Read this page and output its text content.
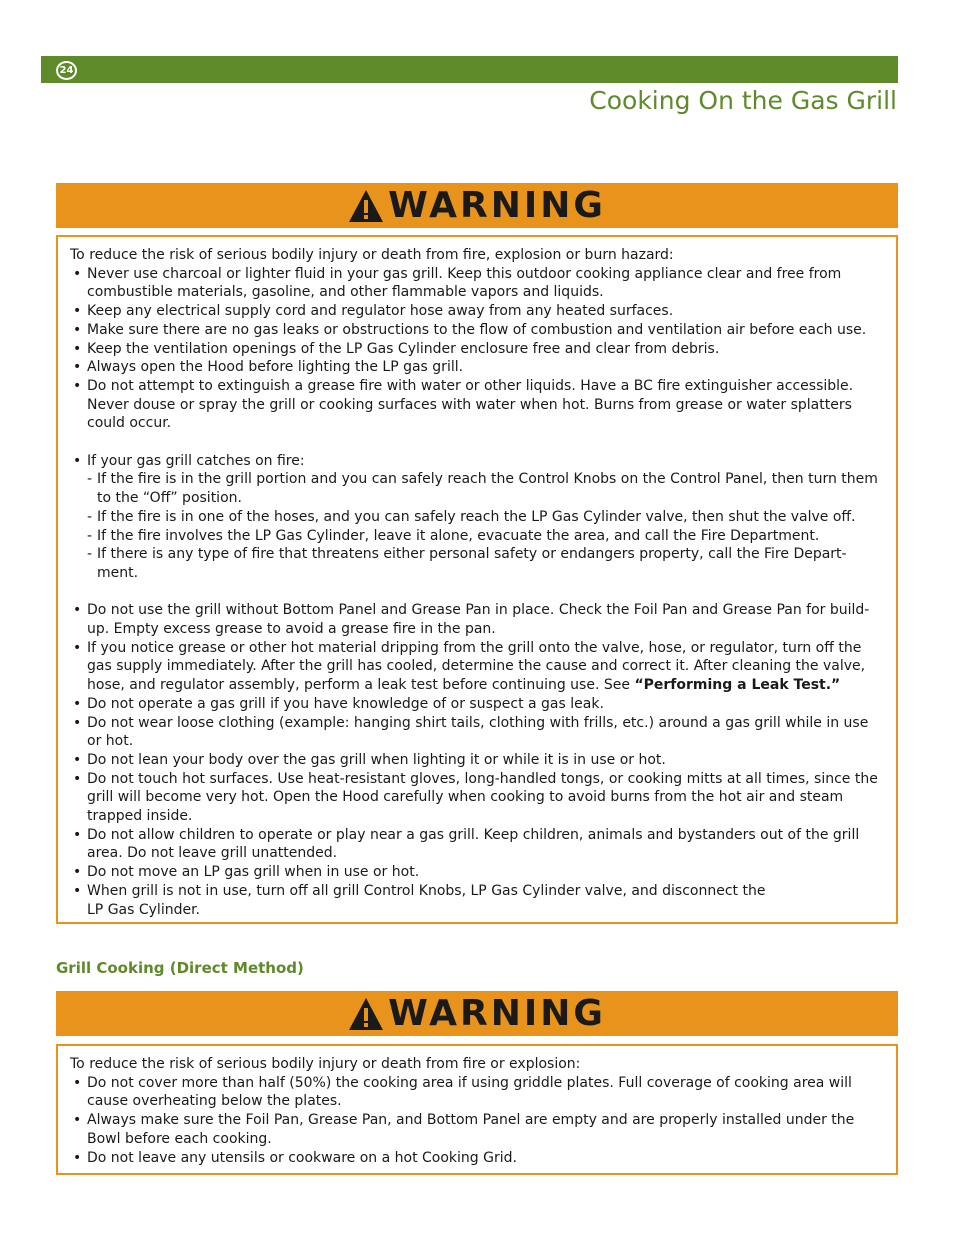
24
Cooking On the Gas Grill
WARNING

To reduce the risk of serious bodily injury or death from fire, explosion or burn hazard:

• Never use charcoal or lighter fluid in your gas grill. Keep this outdoor cooking appliance clear and free from combustible materials, gasoline, and other flammable vapors and liquids.
• Keep any electrical supply cord and regulator hose away from any heated surfaces.
• Make sure there are no gas leaks or obstructions to the flow of combustion and ventilation air before each use.
• Keep the ventilation openings of the LP Gas Cylinder enclosure free and clear from debris.
• Always open the Hood before lighting the LP gas grill.
• Do not attempt to extinguish a grease fire with water or other liquids. Have a BC fire extinguisher accessible. Never douse or spray the grill or cooking surfaces with water when hot. Burns from grease or water splatters could occur.
• If your gas grill catches on fire:
- If the fire is in the grill portion and you can safely reach the Control Knobs on the Control Panel, then turn them to the “Off” position.
- If the fire is in one of the hoses, and you can safely reach the LP Gas Cylinder valve, then shut the valve off.
- If the fire involves the LP Gas Cylinder, leave it alone, evacuate the area, and call the Fire Department.
- If there is any type of fire that threatens either personal safety or endangers property, call the Fire Depart- ment.
• Do not use the grill without Bottom Panel and Grease Pan in place. Check the Foil Pan and Grease Pan for build-up. Empty excess grease to avoid a grease fire in the pan.
• If you notice grease or other hot material dripping from the grill onto the valve, hose, or regulator, turn off the gas supply immediately. After the grill has cooled, determine the cause and correct it. After cleaning the valve, hose, and regulator assembly, perform a leak test before continuing use. See “Performing a Leak Test.”
• Do not operate a gas grill if you have knowledge of or suspect a gas leak.
• Do not wear loose clothing (example: hanging shirt tails, clothing with frills, etc.) around a gas grill while in use or hot.
• Do not lean your body over the gas grill when lighting it or while it is in use or hot.
• Do not touch hot surfaces. Use heat-resistant gloves, long-handled tongs, or cooking mitts at all times, since the grill will become very hot. Open the Hood carefully when cooking to avoid burns from the hot air and steam trapped inside.
• Do not allow children to operate or play near a gas grill. Keep children, animals and bystanders out of the grill area. Do not leave grill unattended.
• Do not move an LP gas grill when in use or hot.
• When grill is not in use, turn off all grill Control Knobs, LP Gas Cylinder valve, and disconnect the
LP Gas Cylinder.
Grill Cooking (Direct Method)
WARNING

To reduce the risk of serious bodily injury or death from fire or explosion:

• Do not cover more than half (50%) the cooking area if using griddle plates. Full coverage of cooking area will cause overheating below the plates.
• Always make sure the Foil Pan, Grease Pan, and Bottom Panel are empty and are properly installed under the Bowl before each cooking.
• Do not leave any utensils or cookware on a hot Cooking Grid.
